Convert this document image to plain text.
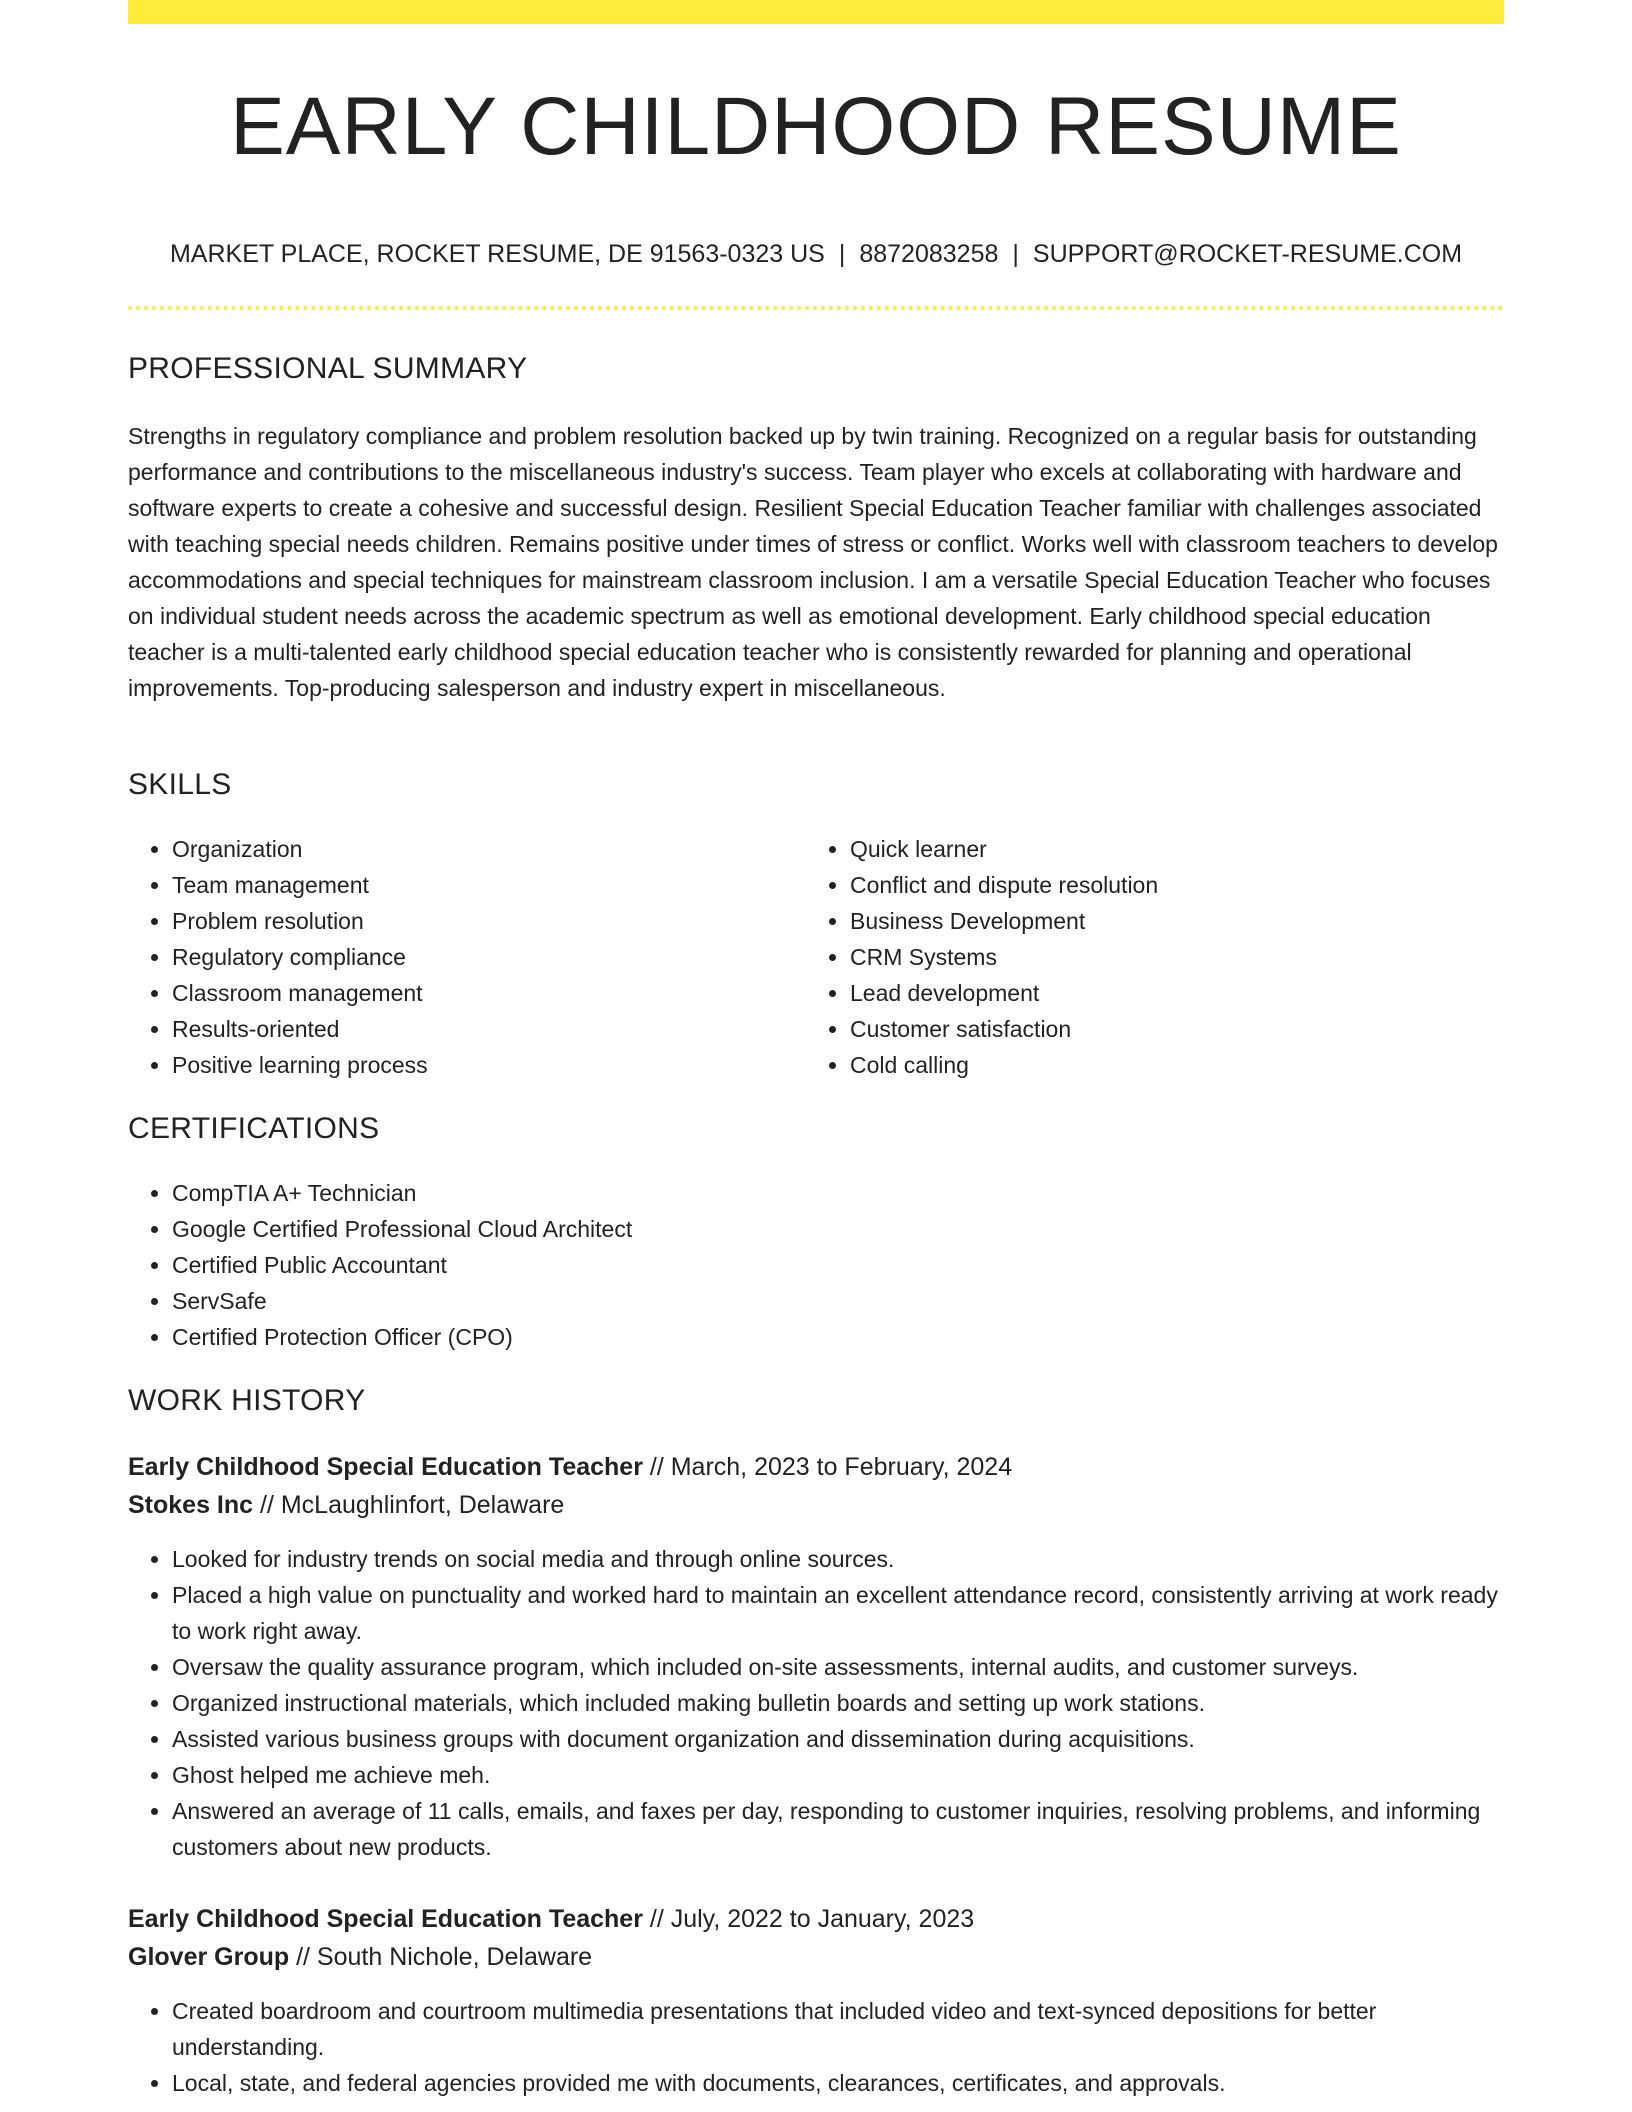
EARLY CHILDHOOD RESUME
MARKET PLACE, ROCKET RESUME, DE 91563-0323 US | 8872083258 | SUPPORT@ROCKET-RESUME.COM
PROFESSIONAL SUMMARY

Strengths in regulatory compliance and problem resolution backed up by twin training. Recognized on a regular basis for outstanding performance and contributions to the miscellaneous industry's success. Team player who excels at collaborating with hardware and software experts to create a cohesive and successful design. Resilient Special Education Teacher familiar with challenges associated with teaching special needs children. Remains positive under times of stress or conflict. Works well with classroom teachers to develop accommodations and special techniques for mainstream classroom inclusion. I am a versatile Special Education Teacher who focuses on individual student needs across the academic spectrum as well as emotional development. Early childhood special education teacher is a multi-talented early childhood special education teacher who is consistently rewarded for planning and operational improvements. Top-producing salesperson and industry expert in miscellaneous.

SKILLS
• Organization
• Team management
• Problem resolution
• Regulatory compliance
• Classroom management
• Results-oriented
• Positive learning process
• Quick learner
• Conflict and dispute resolution
• Business Development
• CRM Systems
• Lead development
• Customer satisfaction
• Cold calling
CERTIFICATIONS
• CompTIA A+ Technician
• Google Certified Professional Cloud Architect
• Certified Public Accountant
• ServSafe
• Certified Protection Officer (CPO)
WORK HISTORY
Early Childhood Special Education Teacher // March, 2023 to February, 2024
Stokes Inc // McLaughlinfort, Delaware
• Looked for industry trends on social media and through online sources.
• Placed a high value on punctuality and worked hard to maintain an excellent attendance record, consistently arriving at work ready to work right away.
• Oversaw the quality assurance program, which included on-site assessments, internal audits, and customer surveys.
• Organized instructional materials, which included making bulletin boards and setting up work stations.
• Assisted various business groups with document organization and dissemination during acquisitions.
• Ghost helped me achieve meh.
• Answered an average of 11 calls, emails, and faxes per day, responding to customer inquiries, resolving problems, and informing customers about new products.
Early Childhood Special Education Teacher // July, 2022 to January, 2023
Glover Group // South Nichole, Delaware
• Created boardroom and courtroom multimedia presentations that included video and text-synced depositions for better understanding.
• Local, state, and federal agencies provided me with documents, clearances, certificates, and approvals.
